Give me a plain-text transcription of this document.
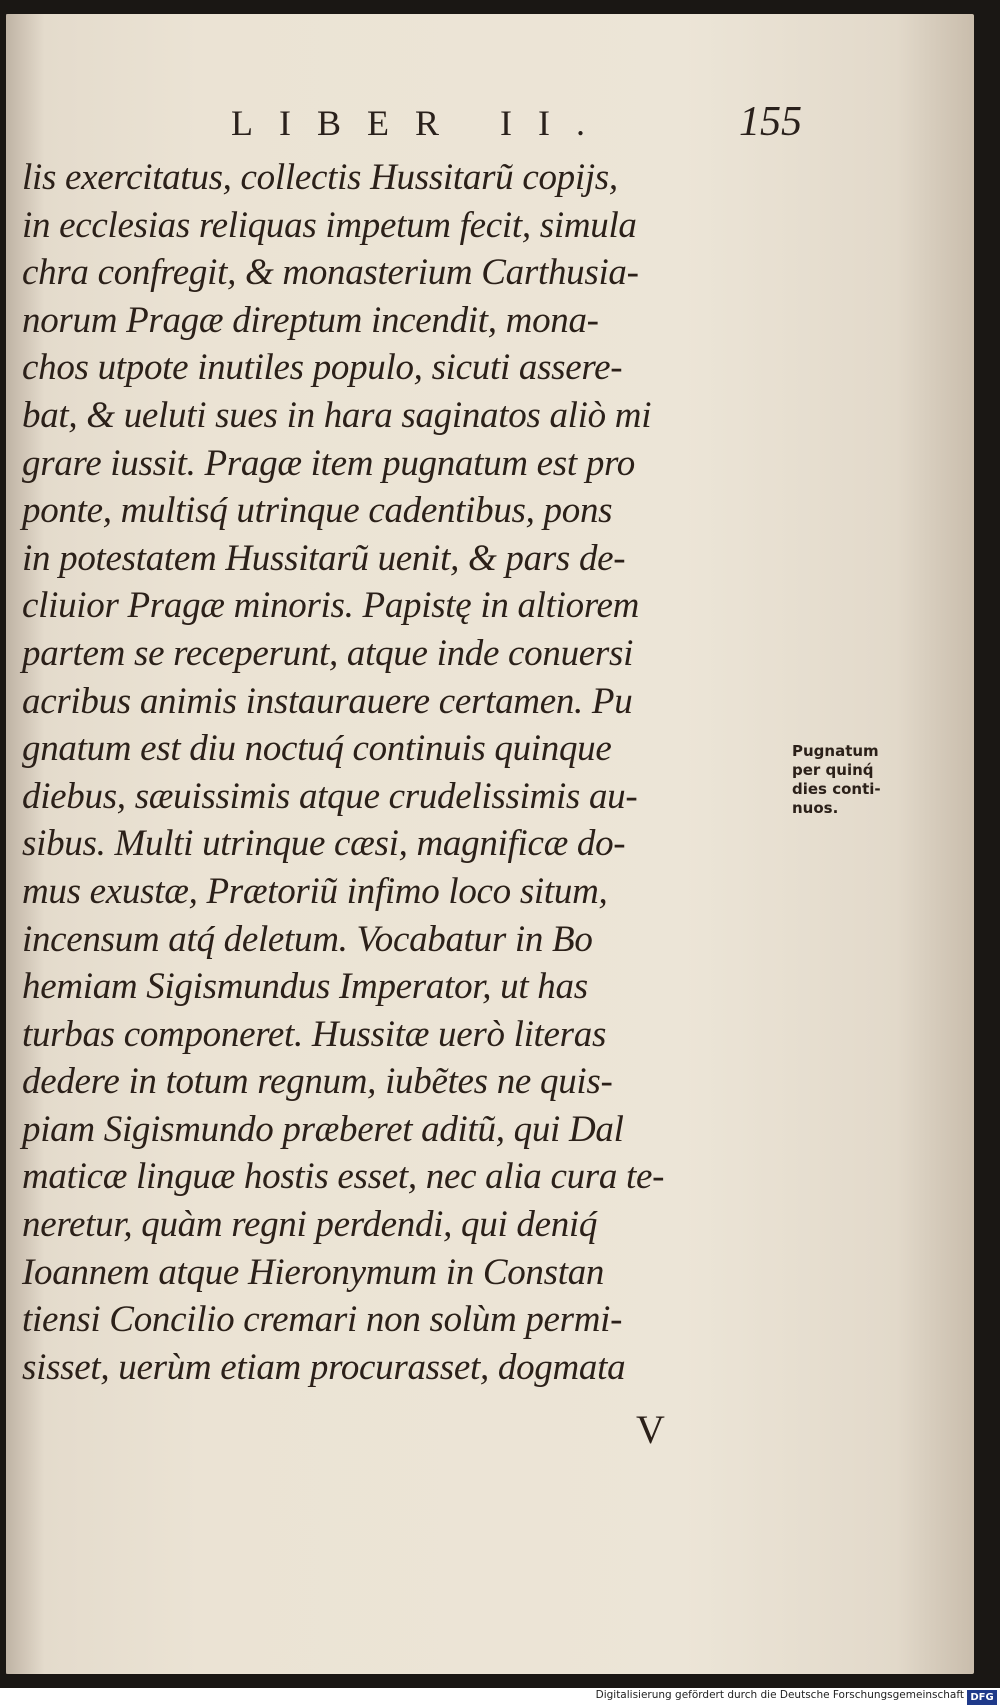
LIBER II.	155
lis exercitatus, collectis Hussitarũ copijs,
in ecclesias reliquas impetum fecit, simula
chra confregit, & monasterium Carthusia-
norum Pragæ direptum incendit, mona-
chos utpote inutiles populo, sicuti assere-
bat, & ueluti sues in hara saginatos aliò mi
grare iussit. Pragæ item pugnatum est pro
ponte, multisq́ utrinque cadentibus, pons
in potestatem Hussitarũ uenit, & pars de-
cliuior Pragæ minoris. Papistę in altiorem
partem se receperunt, atque inde conuersi
acribus animis instaurauere certamen. Pu
gnatum est diu noctuq́ continuis quinque
diebus, sæuissimis atque crudelissimis au-
sibus. Multi utrinque cæsi, magnificæ do-
mus exustæ, Prætoriũ infimo loco situm,
incensum atq́ deletum. Vocabatur in Bo
hemiam Sigismundus Imperator, ut has
turbas componeret. Hussitæ uerò literas
dedere in totum regnum, iubẽtes ne quis-
piam Sigismundo præberet aditũ, qui Dal
maticæ linguæ hostis esset, nec alia cura te-
neretur, quàm regni perdendi, qui deniq́
Ioannem atque Hieronymum in Constan
tiensi Concilio cremari non solùm permi-
sisset, uerùm etiam procurasset, dogmata
Pugnatum
per quinq́
dies conti-
nuos.
V
Digitalisierung gefördert durch die Deutsche Forschungsgemeinschaft DFG
